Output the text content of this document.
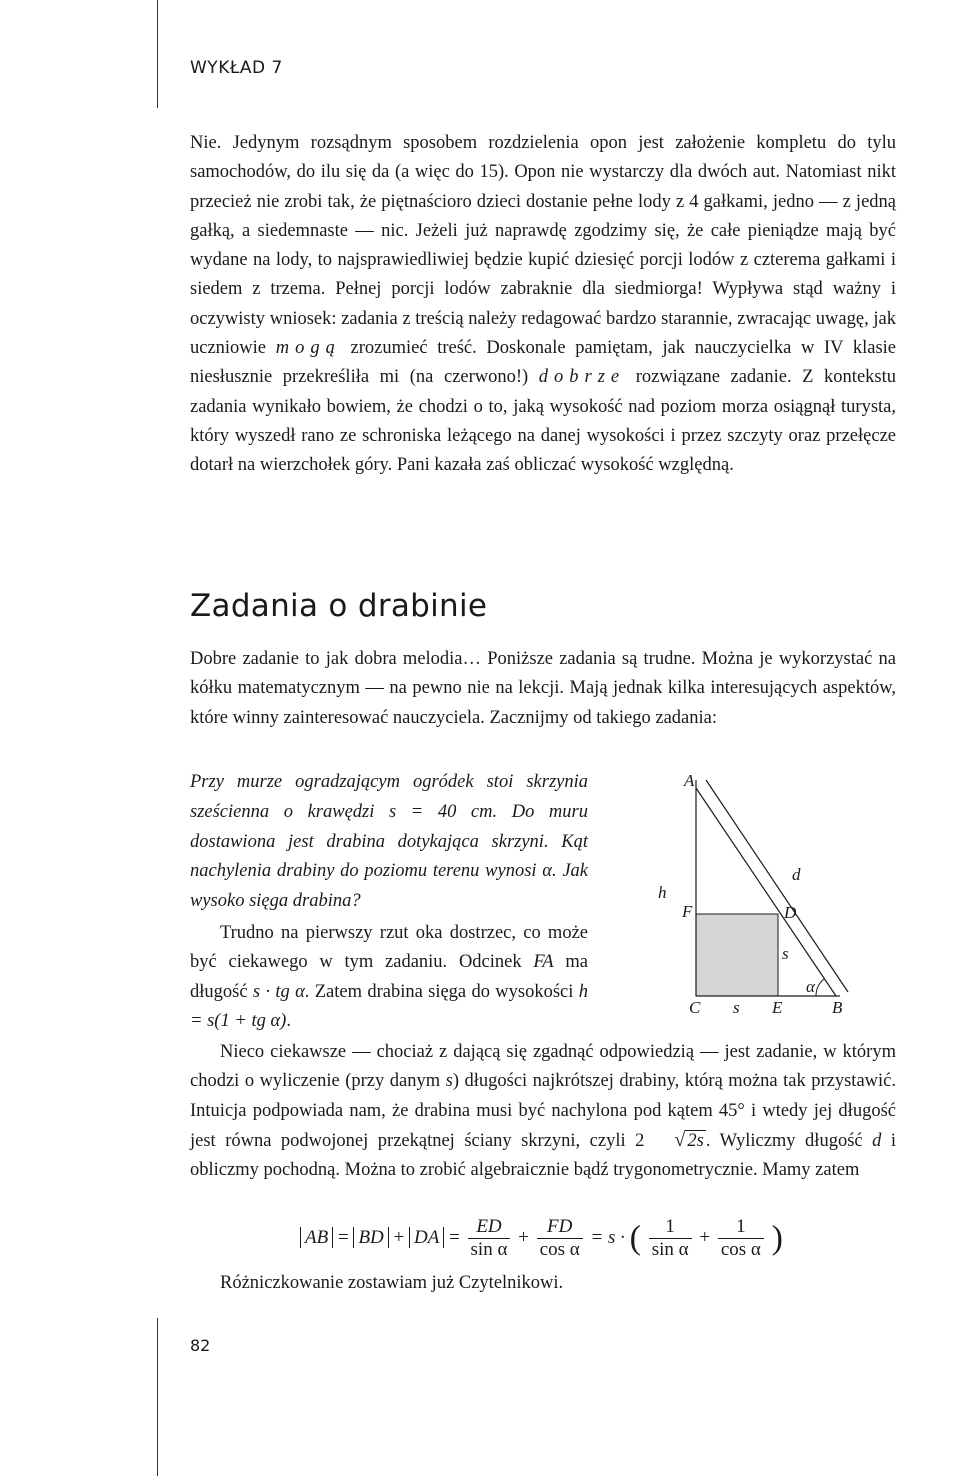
WYKŁAD 7

Nie. Jedynym rozsądnym sposobem rozdzielenia opon jest założenie kompletu do tylu samochodów, do ilu się da (a więc do 15). Opon nie wystarczy dla dwóch aut. Natomiast nikt przecież nie zrobi tak, że piętnaścioro dzieci dostanie pełne lody z 4 gałkami, jedno — z jedną gałką, a siedemnaste — nic. Jeżeli już naprawdę zgodzimy się, że całe pieniądze mają być wydane na lody, to najsprawiedliwiej będzie kupić dziesięć porcji lodów z czterema gałkami i siedem z trzema. Pełnej porcji lodów zabraknie dla siedmiorga! Wypływa stąd ważny i oczywisty wniosek: zadania z treścią należy redagować bardzo starannie, zwracając uwagę, jak uczniowie mogą zrozumieć treść. Doskonale pamiętam, jak nauczycielka w IV klasie niesłusznie przekreśliła mi (na czerwono!) dobrze rozwiązane zadanie. Z kontekstu zadania wynikało bowiem, że chodzi o to, jaką wysokość nad poziom morza osiągnął turysta, który wyszedł rano ze schroniska leżącego na danej wysokości i przez szczyty oraz przełęcze dotarł na wierzchołek góry. Pani kazała zaś obliczać wysokość względną.

Zadania o drabinie

Dobre zadanie to jak dobra melodia… Poniższe zadania są trudne. Można je wykorzystać na kółku matematycznym — na pewno nie na lekcji. Mają jednak kilka interesujących aspektów, które winny zainteresować nauczyciela. Zacznijmy od takiego zadania:

Przy murze ogradzającym ogródek stoi skrzynia sześcienna o krawędzi s = 40 cm. Do muru dostawiona jest drabina dotykająca skrzyni. Kąt nachylenia drabiny do poziomu terenu wynosi α. Jak wysoko sięga drabina?

A
h
F	D
d
s
α
C s E	B

Trudno na pierwszy rzut oka dostrzec, co może być ciekawego w tym zadaniu. Odcinek FA ma długość s · tg α. Zatem drabina sięga do wysokości h = s(1 + tg α).

Nieco ciekawsze — chociaż z dającą się zgadnąć odpowiedzią — jest zadanie, w którym chodzi o wyliczenie (przy danym s) długości najkrótszej drabiny, którą można tak przystawić. Intuicja podpowiada nam, że drabina musi być nachylona pod kątem 45° i wtedy jej długość jest równa podwojonej przekątnej ściany skrzyni, czyli 2 √ 2s . Wyliczmy długość d i obliczmy pochodną. Można to zrobić algebraicznie bądź trygonometrycznie. Mamy zatem

AB = BD + DA = $\frac{ED}{\text{sin α}} + \frac{FD}{\text{cos α}} = s$ · ( $\frac{1}{\text{sin α}} + \frac{1}{\text{cos α}}$ )

Różniczkowanie zostawiam już Czytelnikowi.

82
